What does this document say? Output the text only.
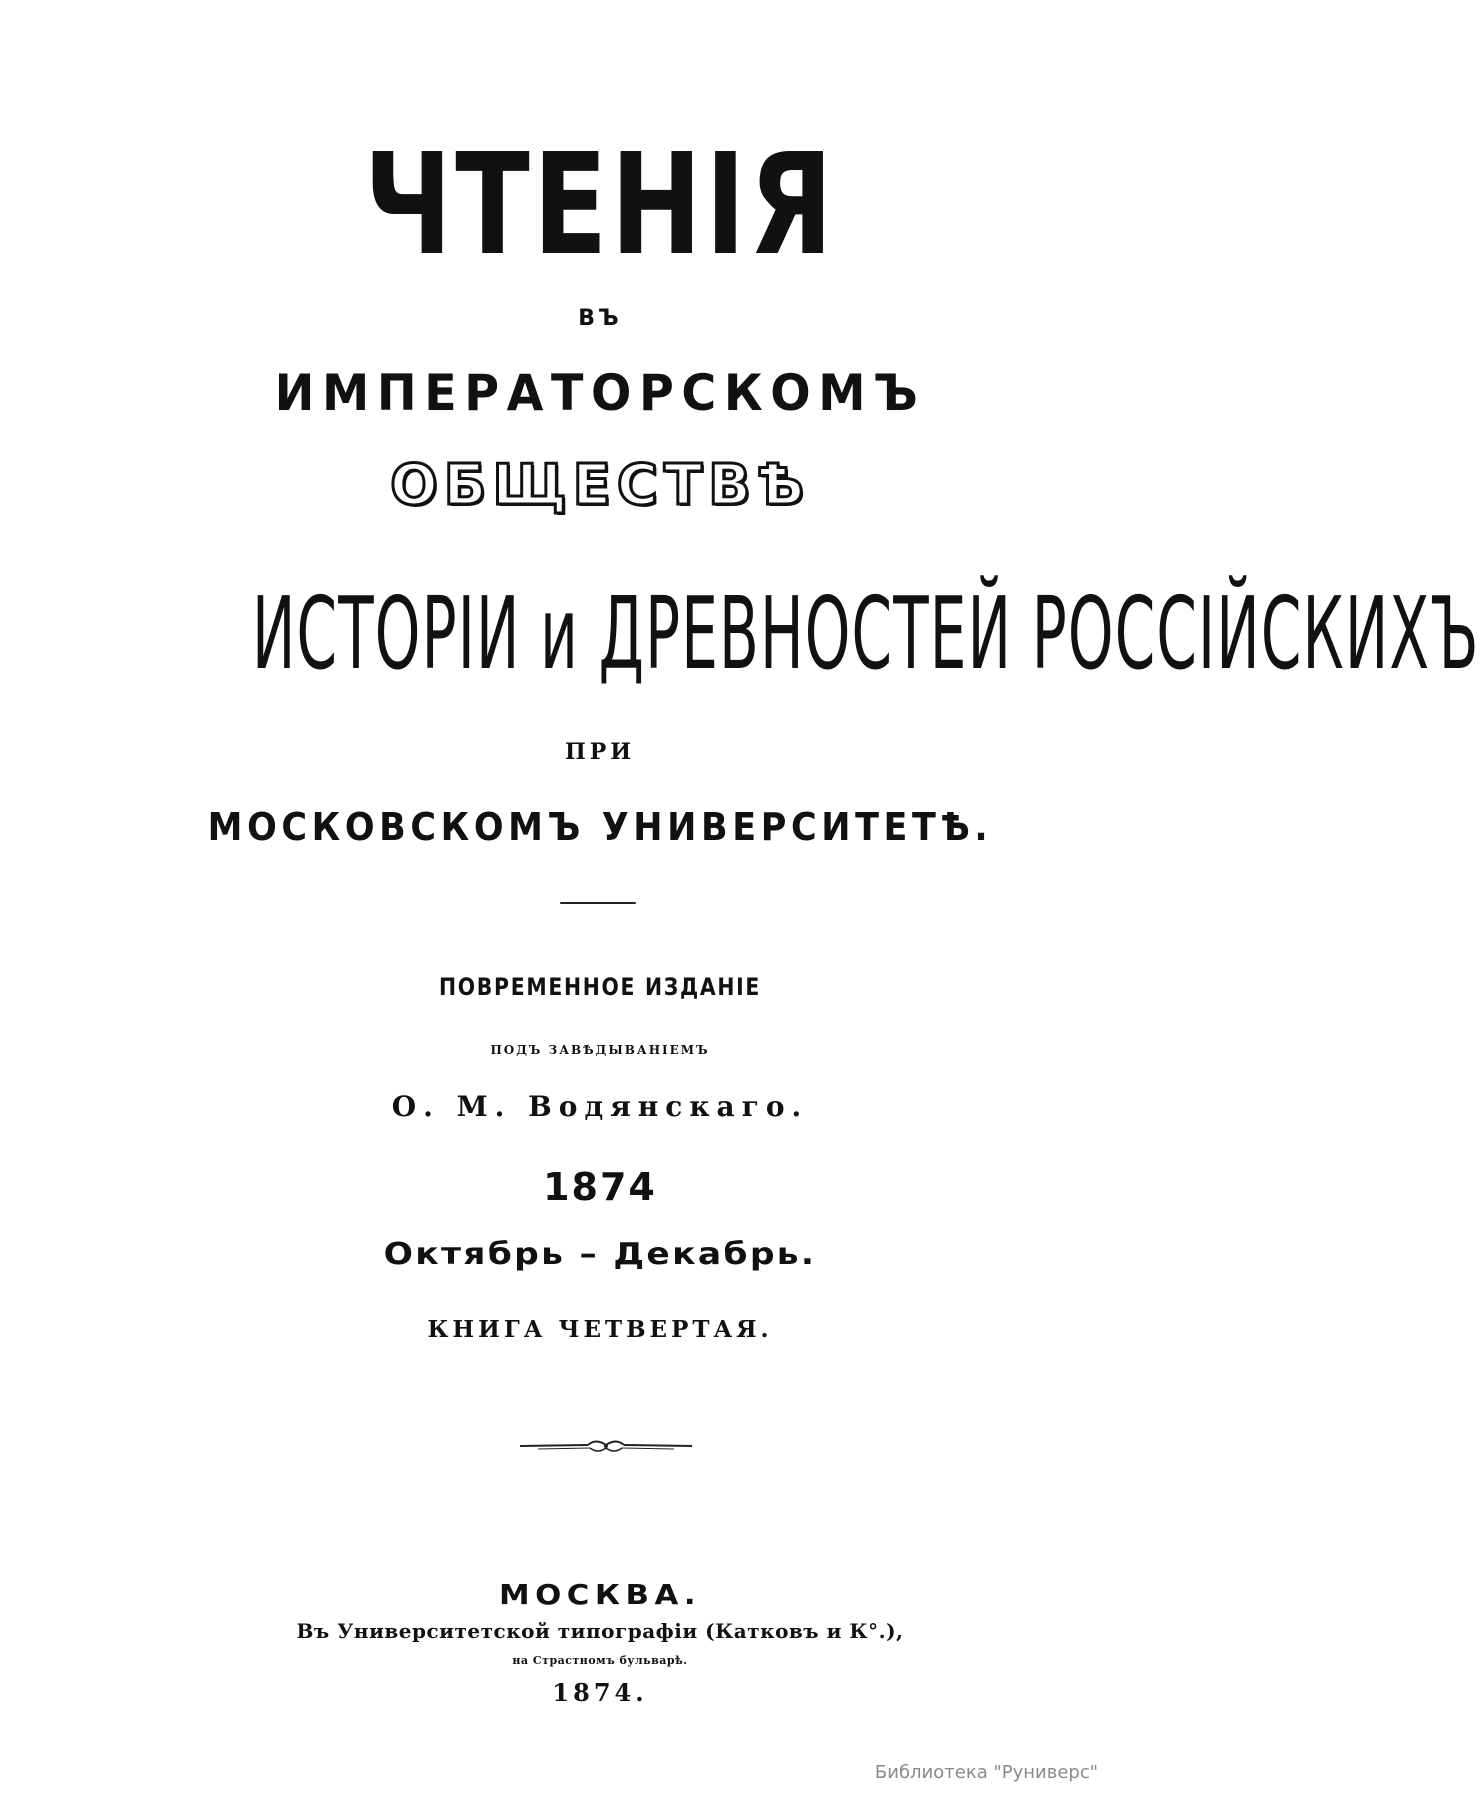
ЧТЕНІЯ
ВЪ
ИМПЕРАТОРСКОМЪ
ОБЩЕСТВѢ
ИСТОРІИ и ДРЕВНОСТЕЙ РОССІЙСКИХЪ
ПРИ
МОСКОВСКОМЪ УНИВЕРСИТЕТѢ.
ПОВРЕМЕННОЕ ИЗДАНІЕ
ПОДЪ ЗАВѢДЫВАНІЕМЪ
О. М. Водянскаго.
1874
Октябрь – Декабрь.
КНИГА ЧЕТВЕРТАЯ.
МОСКВА.
Въ Университетской типографіи (Катковъ и К°.),
на Страстномъ бульварѣ.
1874.
Библиотека "Руниверс"
